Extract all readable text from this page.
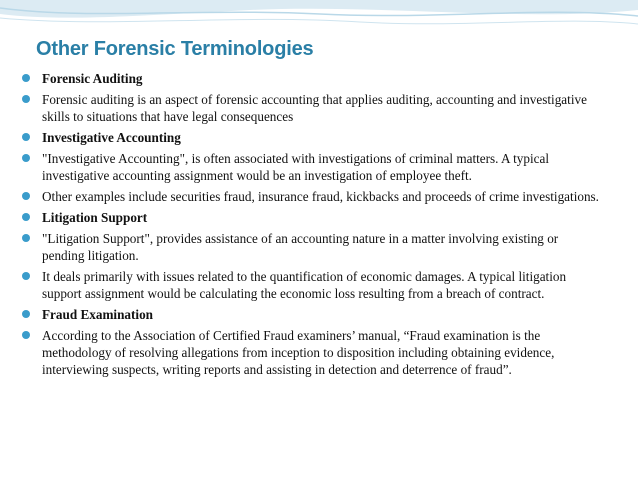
Other Forensic Terminologies
Forensic Auditing
Forensic auditing is an aspect of forensic accounting that applies auditing, accounting and investigative skills to situations that have legal consequences
Investigative Accounting
"Investigative Accounting", is often associated with investigations of criminal matters. A typical investigative accounting assignment would be an investigation of employee theft.
Other examples include securities fraud, insurance fraud, kickbacks and proceeds of crime investigations.
Litigation Support
"Litigation Support", provides assistance of an accounting nature in a matter involving existing or pending litigation.
It deals primarily with issues related to the quantification of economic damages. A typical litigation support assignment would be calculating the economic loss resulting from a breach of contract.
Fraud Examination
According to the Association of Certified Fraud examiners’ manual, “Fraud examination is the methodology of resolving allegations from inception to disposition including obtaining evidence, interviewing suspects, writing reports and assisting in detection and deterrence of fraud”.
